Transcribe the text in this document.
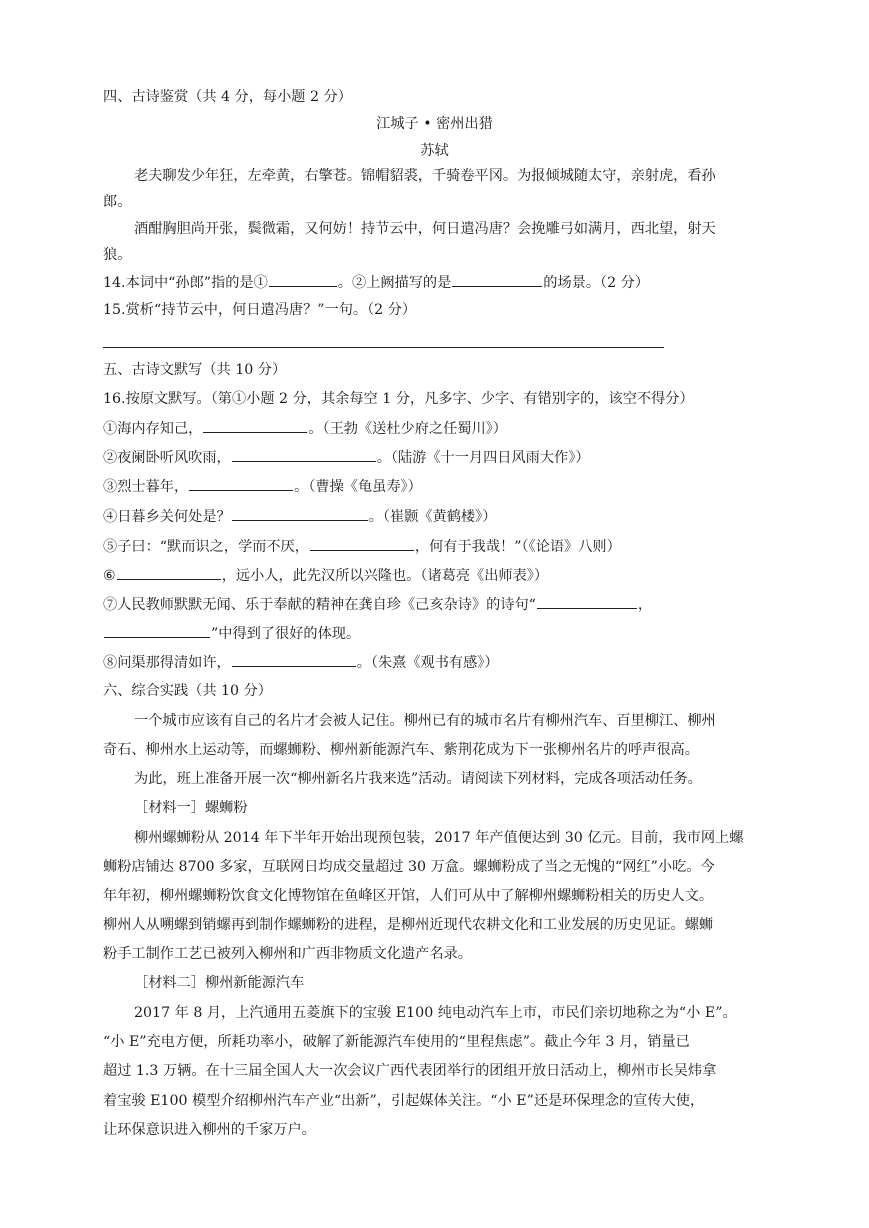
四、古诗鉴赏（共 4 分，每小题 2 分）
江城子 • 密州出猎
苏轼
老夫聊发少年狂，左牵黄，右擎苍。锦帽貂裘，千骑卷平冈。为报倾城随太守，亲射虎，看孙
郎。
酒酣胸胆尚开张，鬓微霜，又何妨！持节云中，何日遣冯唐？会挽雕弓如满月，西北望，射天
狼。
14.本词中“孙郎”指的是①	。②上阙描写的是	的场景。（2 分）
15.赏析“持节云中，何日遣冯唐？”一句。（2 分）
五、古诗文默写（共 10 分）
16.按原文默写。（第①小题 2 分，其余每空 1 分，凡多字、少字、有错别字的，该空不得分）
①海内存知己，	。（王勃《送杜少府之任蜀川》）
②夜阑卧听风吹雨，	。（陆游《十一月四日风雨大作》）
③烈士暮年，	。（曹操《龟虽寿》）
④日暮乡关何处是？	。（崔颢《黄鹤楼》）
⑤子曰：“默而识之，学而不厌，	，何有于我哉！”（《论语》八则）
⑥	，远小人，此先汉所以兴隆也。（诸葛亮《出师表》）
⑦人民教师默默无闻、乐于奉献的精神在龚自珍《己亥杂诗》的诗句“	，
”中得到了很好的体现。
⑧问渠那得清如许，	。（朱熹《观书有感》）
六、综合实践（共 10 分）
一个城市应该有自己的名片才会被人记住。柳州已有的城市名片有柳州汽车、百里柳江、柳州
奇石、柳州水上运动等，而螺蛳粉、柳州新能源汽车、紫荆花成为下一张柳州名片的呼声很高。
为此，班上准备开展一次“柳州新名片我来选”活动。请阅读下列材料，完成各项活动任务。
［材料一］螺蛳粉
柳州螺蛳粉从 2014 年下半年开始出现预包装，2017 年产值便达到 30 亿元。目前，我市网上螺
蛳粉店铺达 8700 多家，互联网日均成交量超过 30 万盒。螺蛳粉成了当之无愧的“网红”小吃。今
年年初，柳州螺蛳粉饮食文化博物馆在鱼峰区开馆，人们可从中了解柳州螺蛳粉相关的历史人文。
柳州人从嗍螺到销螺再到制作螺蛳粉的进程，是柳州近现代农耕文化和工业发展的历史见证。螺蛳
粉手工制作工艺已被列入柳州和广西非物质文化遗产名录。
［材料二］柳州新能源汽车
2017 年 8 月，上汽通用五菱旗下的宝骏 E100 纯电动汽车上市，市民们亲切地称之为“小 E”。
“小 E”充电方便，所耗功率小，破解了新能源汽车使用的“里程焦虑”。截止今年 3 月，销量已
超过 1.3 万辆。在十三届全国人大一次会议广西代表团举行的团组开放日活动上，柳州市长吴炜拿
着宝骏 E100 模型介绍柳州汽车产业“出新”，引起媒体关注。“小 E”还是环保理念的宣传大使，
让环保意识进入柳州的千家万户。
